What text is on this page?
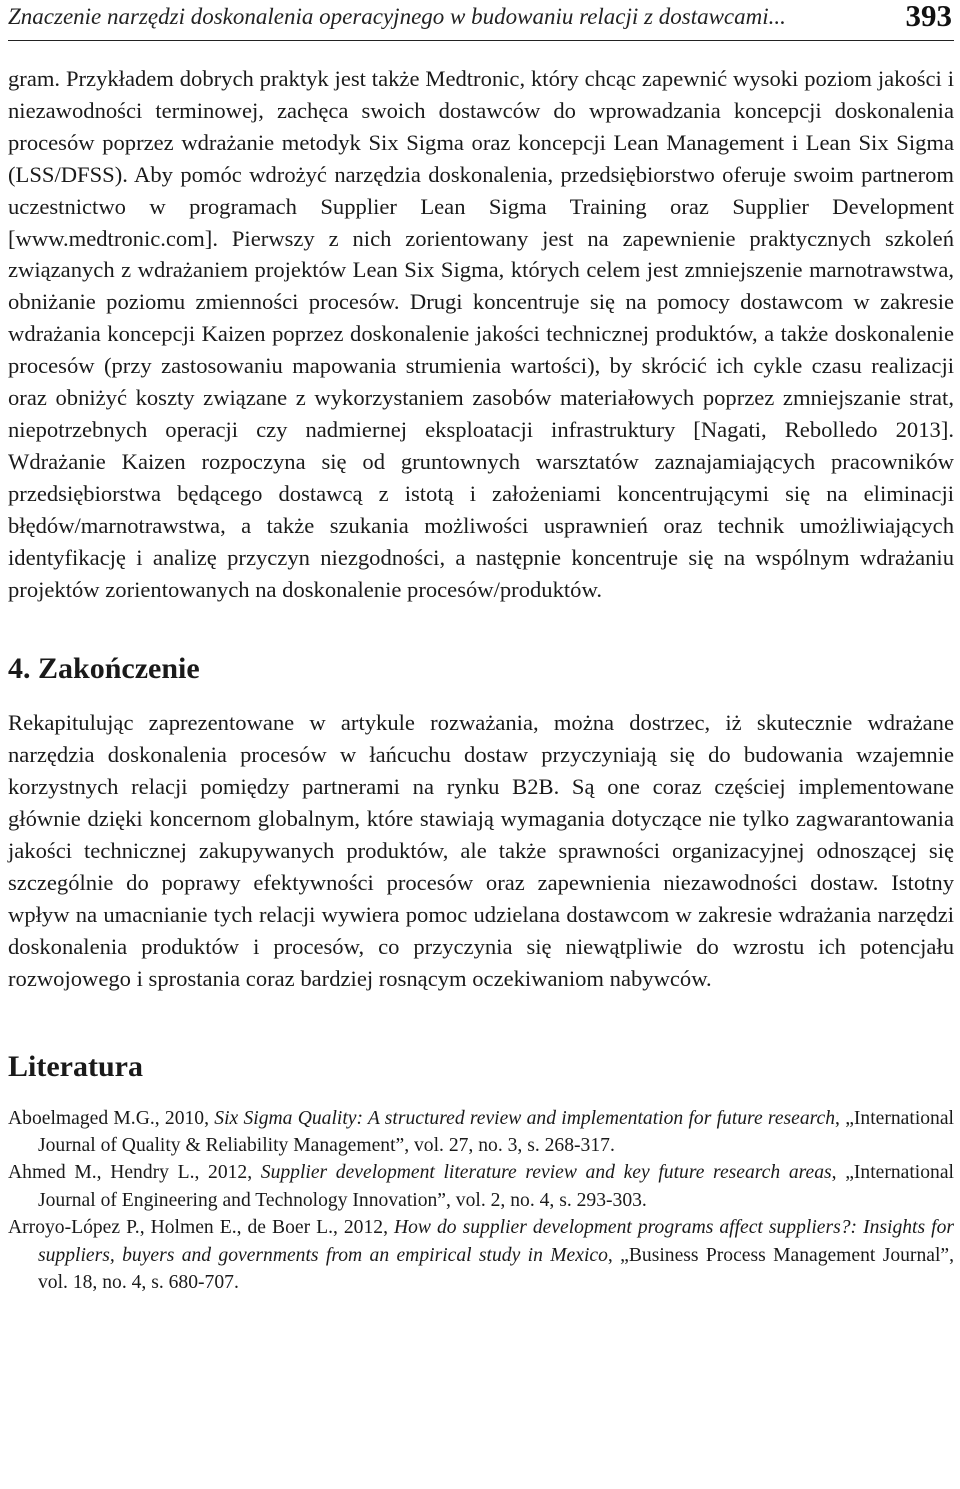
Znaczenie narzędzi doskonalenia operacyjnego w budowaniu relacji z dostawcami...	393

gram. Przykładem dobrych praktyk jest także Medtronic, który chcąc zapewnić wysoki poziom jakości i niezawodności terminowej, zachęca swoich dostawców do wprowadzania koncepcji doskonalenia procesów poprzez wdrażanie metodyk Six Sigma oraz koncepcji Lean Management i Lean Six Sigma (LSS/DFSS). Aby pomóc wdrożyć narzędzia doskonalenia, przedsiębiorstwo oferuje swoim partnerom uczestnictwo w programach Supplier Lean Sigma Training oraz Supplier Development [www.medtronic.com]. Pierwszy z nich zorientowany jest na zapewnienie praktycznych szkoleń związanych z wdrażaniem projektów Lean Six Sigma, których celem jest zmniejszenie marnotrawstwa, obniżanie poziomu zmienności procesów. Drugi koncentruje się na pomocy dostawcom w zakresie wdrażania koncepcji Kaizen poprzez doskonalenie jakości technicznej produktów, a także doskonalenie procesów (przy zastosowaniu mapowania strumienia wartości), by skrócić ich cykle czasu realizacji oraz obniżyć koszty związane z wykorzystaniem zasobów materiałowych poprzez zmniejszanie strat, niepotrzebnych operacji czy nadmiernej eksploatacji infrastruktury [Nagati, Rebolledo 2013]. Wdrażanie Kaizen rozpoczyna się od gruntownych warsztatów zaznajamiających pracowników przedsiębiorstwa będącego dostawcą z istotą i założeniami koncentrującymi się na eliminacji błędów/marnotrawstwa, a także szukania możliwości usprawnień oraz technik umożliwiających identyfikację i analizę przyczyn niezgodności, a następnie koncentruje się na wspólnym wdrażaniu projektów zorientowanych na doskonalenie procesów/produktów.

4. Zakończenie

Rekapitulując zaprezentowane w artykule rozważania, można dostrzec, iż skutecznie wdrażane narzędzia doskonalenia procesów w łańcuchu dostaw przyczyniają się do budowania wzajemnie korzystnych relacji pomiędzy partnerami na rynku B2B. Są one coraz częściej implementowane głównie dzięki koncernom globalnym, które stawiają wymagania dotyczące nie tylko zagwarantowania jakości technicznej zakupywanych produktów, ale także sprawności organizacyjnej odnoszącej się szczególnie do poprawy efektywności procesów oraz zapewnienia niezawodności dostaw. Istotny wpływ na umacnianie tych relacji wywiera pomoc udzielana dostawcom w zakresie wdrażania narzędzi doskonalenia produktów i procesów, co przyczynia się niewątpliwie do wzrostu ich potencjału rozwojowego i sprostania coraz bardziej rosnącym oczekiwaniom nabywców.

Literatura

Aboelmaged M.G., 2010, Six Sigma Quality: A structured review and implementation for future research, „International Journal of Quality & Reliability Management”, vol. 27, no. 3, s. 268-317.

Ahmed M., Hendry L., 2012, Supplier development literature review and key future research areas, „International Journal of Engineering and Technology Innovation”, vol. 2, no. 4, s. 293-303.

Arroyo-López P., Holmen E., de Boer L., 2012, How do supplier development programs affect suppliers?: Insights for suppliers, buyers and governments from an empirical study in Mexico, „Business Process Management Journal”, vol. 18, no. 4, s. 680-707.
